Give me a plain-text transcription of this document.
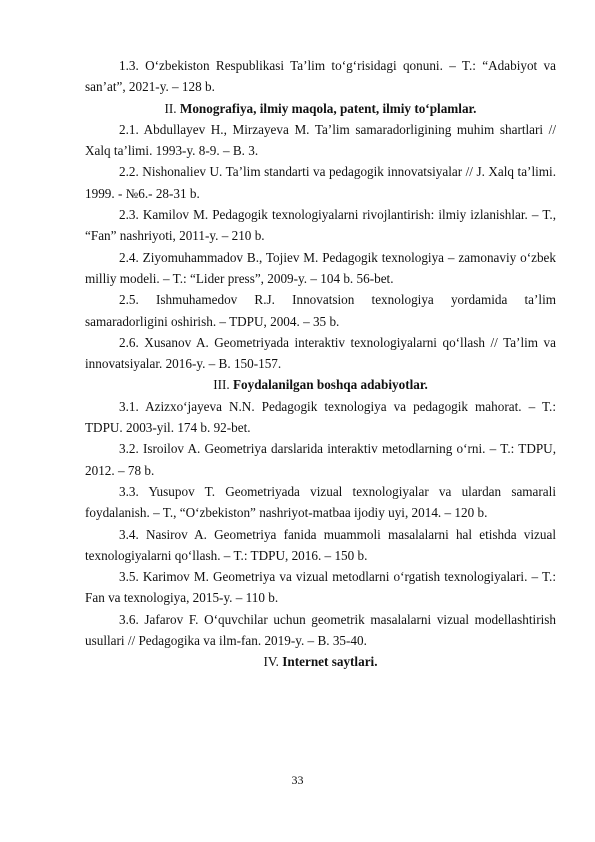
1.3. O‘zbekiston Respublikasi Ta’lim to‘g‘risidagi qonuni. – T.: “Adabiyot va san’at”, 2021-y. – 128 b.

II. Monografiya, ilmiy maqola, patent, ilmiy to‘plamlar.

2.1. Abdullayev H., Mirzayeva M. Ta’lim samaradorligining muhim shartlari // Xalq ta’limi. 1993-y. 8-9. – B. 3.

2.2. Nishonaliev U. Ta’lim standarti va pedagogik innovatsiyalar // J. Xalq ta’limi. 1999. - №6.- 28-31 b.

2.3. Kamilov M. Pedagogik texnologiyalarni rivojlantirish: ilmiy izlanishlar. – T., “Fan” nashriyoti, 2011-y. – 210 b.

2.4. Ziyomuhammadov B., Tojiev M. Pedagogik texnologiya – zamonaviy o‘zbek milliy modeli. – T.: “Lider press”, 2009-y. – 104 b. 56-bet.

2.5. Ishmuhamedov R.J. Innovatsion texnologiya yordamida ta’lim samaradorligini oshirish. – TDPU, 2004. – 35 b.

2.6. Xusanov A. Geometriyada interaktiv texnologiyalarni qo‘llash // Ta’lim va innovatsiyalar. 2016-y. – B. 150-157.

III. Foydalanilgan boshqa adabiyotlar.

3.1. Azizxo‘jayeva N.N. Pedagogik texnologiya va pedagogik mahorat. – T.: TDPU. 2003-yil. 174 b. 92-bet.

3.2. Isroilov A. Geometriya darslarida interaktiv metodlarning o‘rni. – T.: TDPU, 2012. – 78 b.

3.3. Yusupov T. Geometriyada vizual texnologiyalar va ulardan samarali foydalanish. – T., “O‘zbekiston” nashriyot-matbaa ijodiy uyi, 2014. – 120 b.

3.4. Nasirov A. Geometriya fanida muammoli masalalarni hal etishda vizual texnologiyalarni qo‘llash. – T.: TDPU, 2016. – 150 b.

3.5. Karimov M. Geometriya va vizual metodlarni o‘rgatish texnologiyalari. – T.: Fan va texnologiya, 2015-y. – 110 b.

3.6. Jafarov F. O‘quvchilar uchun geometrik masalalarni vizual modellashtirish usullari // Pedagogika va ilm-fan. 2019-y. – B. 35-40.

IV. Internet saytlari.

33
